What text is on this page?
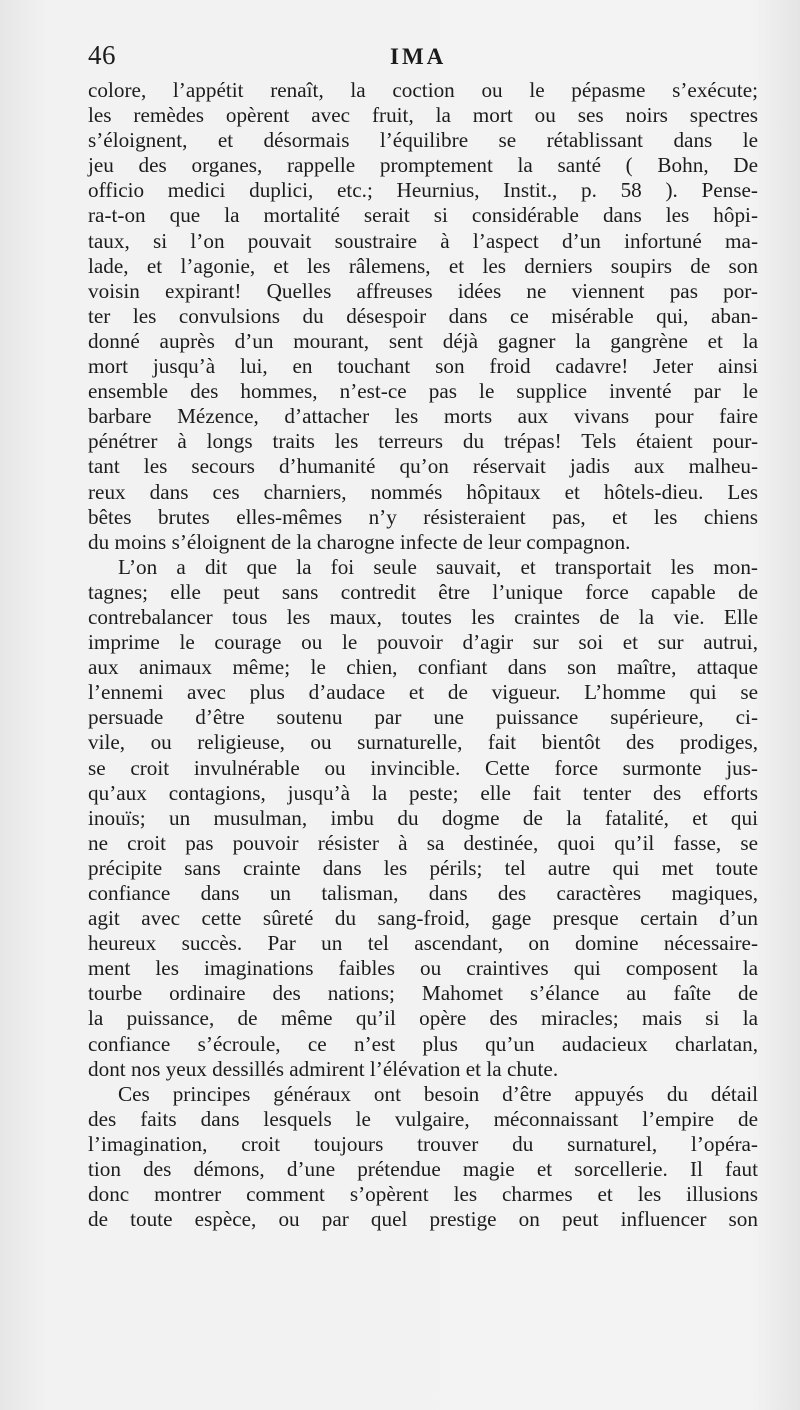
46	IMA
colore, l’appétit renaît, la coction ou le pépasme s’exécute;
les remèdes opèrent avec fruit, la mort ou ses noirs spectres
s’éloignent, et désormais l’équilibre se rétablissant dans le
jeu des organes, rappelle promptement la santé ( Bohn, De
officio medici duplici, etc.; Heurnius, Instit., p. 58 ). Pense-
ra-t-on que la mortalité serait si considérable dans les hôpi-
taux, si l’on pouvait soustraire à l’aspect d’un infortuné ma-
lade, et l’agonie, et les râlemens, et les derniers soupirs de son
voisin expirant! Quelles affreuses idées ne viennent pas por-
ter les convulsions du désespoir dans ce misérable qui, aban-
donné auprès d’un mourant, sent déjà gagner la gangrène et la
mort jusqu’à lui, en touchant son froid cadavre! Jeter ainsi
ensemble des hommes, n’est-ce pas le supplice inventé par le
barbare Mézence, d’attacher les morts aux vivans pour faire
pénétrer à longs traits les terreurs du trépas! Tels étaient pour-
tant les secours d’humanité qu’on réservait jadis aux malheu-
reux dans ces charniers, nommés hôpitaux et hôtels-dieu. Les
bêtes brutes elles-mêmes n’y résisteraient pas, et les chiens
du moins s’éloignent de la charogne infecte de leur compagnon.
L’on a dit que la foi seule sauvait, et transportait les mon-
tagnes; elle peut sans contredit être l’unique force capable de
contrebalancer tous les maux, toutes les craintes de la vie. Elle
imprime le courage ou le pouvoir d’agir sur soi et sur autrui,
aux animaux même; le chien, confiant dans son maître, attaque
l’ennemi avec plus d’audace et de vigueur. L’homme qui se
persuade d’être soutenu par une puissance supérieure, ci-
vile, ou religieuse, ou surnaturelle, fait bientôt des prodiges,
se croit invulnérable ou invincible. Cette force surmonte jus-
qu’aux contagions, jusqu’à la peste; elle fait tenter des efforts
inouïs; un musulman, imbu du dogme de la fatalité, et qui
ne croit pas pouvoir résister à sa destinée, quoi qu’il fasse, se
précipite sans crainte dans les périls; tel autre qui met toute
confiance dans un talisman, dans des caractères magiques,
agit avec cette sûreté du sang-froid, gage presque certain d’un
heureux succès. Par un tel ascendant, on domine nécessaire-
ment les imaginations faibles ou craintives qui composent la
tourbe ordinaire des nations; Mahomet s’élance au faîte de
la puissance, de même qu’il opère des miracles; mais si la
confiance s’écroule, ce n’est plus qu’un audacieux charlatan,
dont nos yeux dessillés admirent l’élévation et la chute.
Ces principes généraux ont besoin d’être appuyés du détail
des faits dans lesquels le vulgaire, méconnaissant l’empire de
l’imagination, croit toujours trouver du surnaturel, l’opéra-
tion des démons, d’une prétendue magie et sorcellerie. Il faut
donc montrer comment s’opèrent les charmes et les illusions
de toute espèce, ou par quel prestige on peut influencer son
